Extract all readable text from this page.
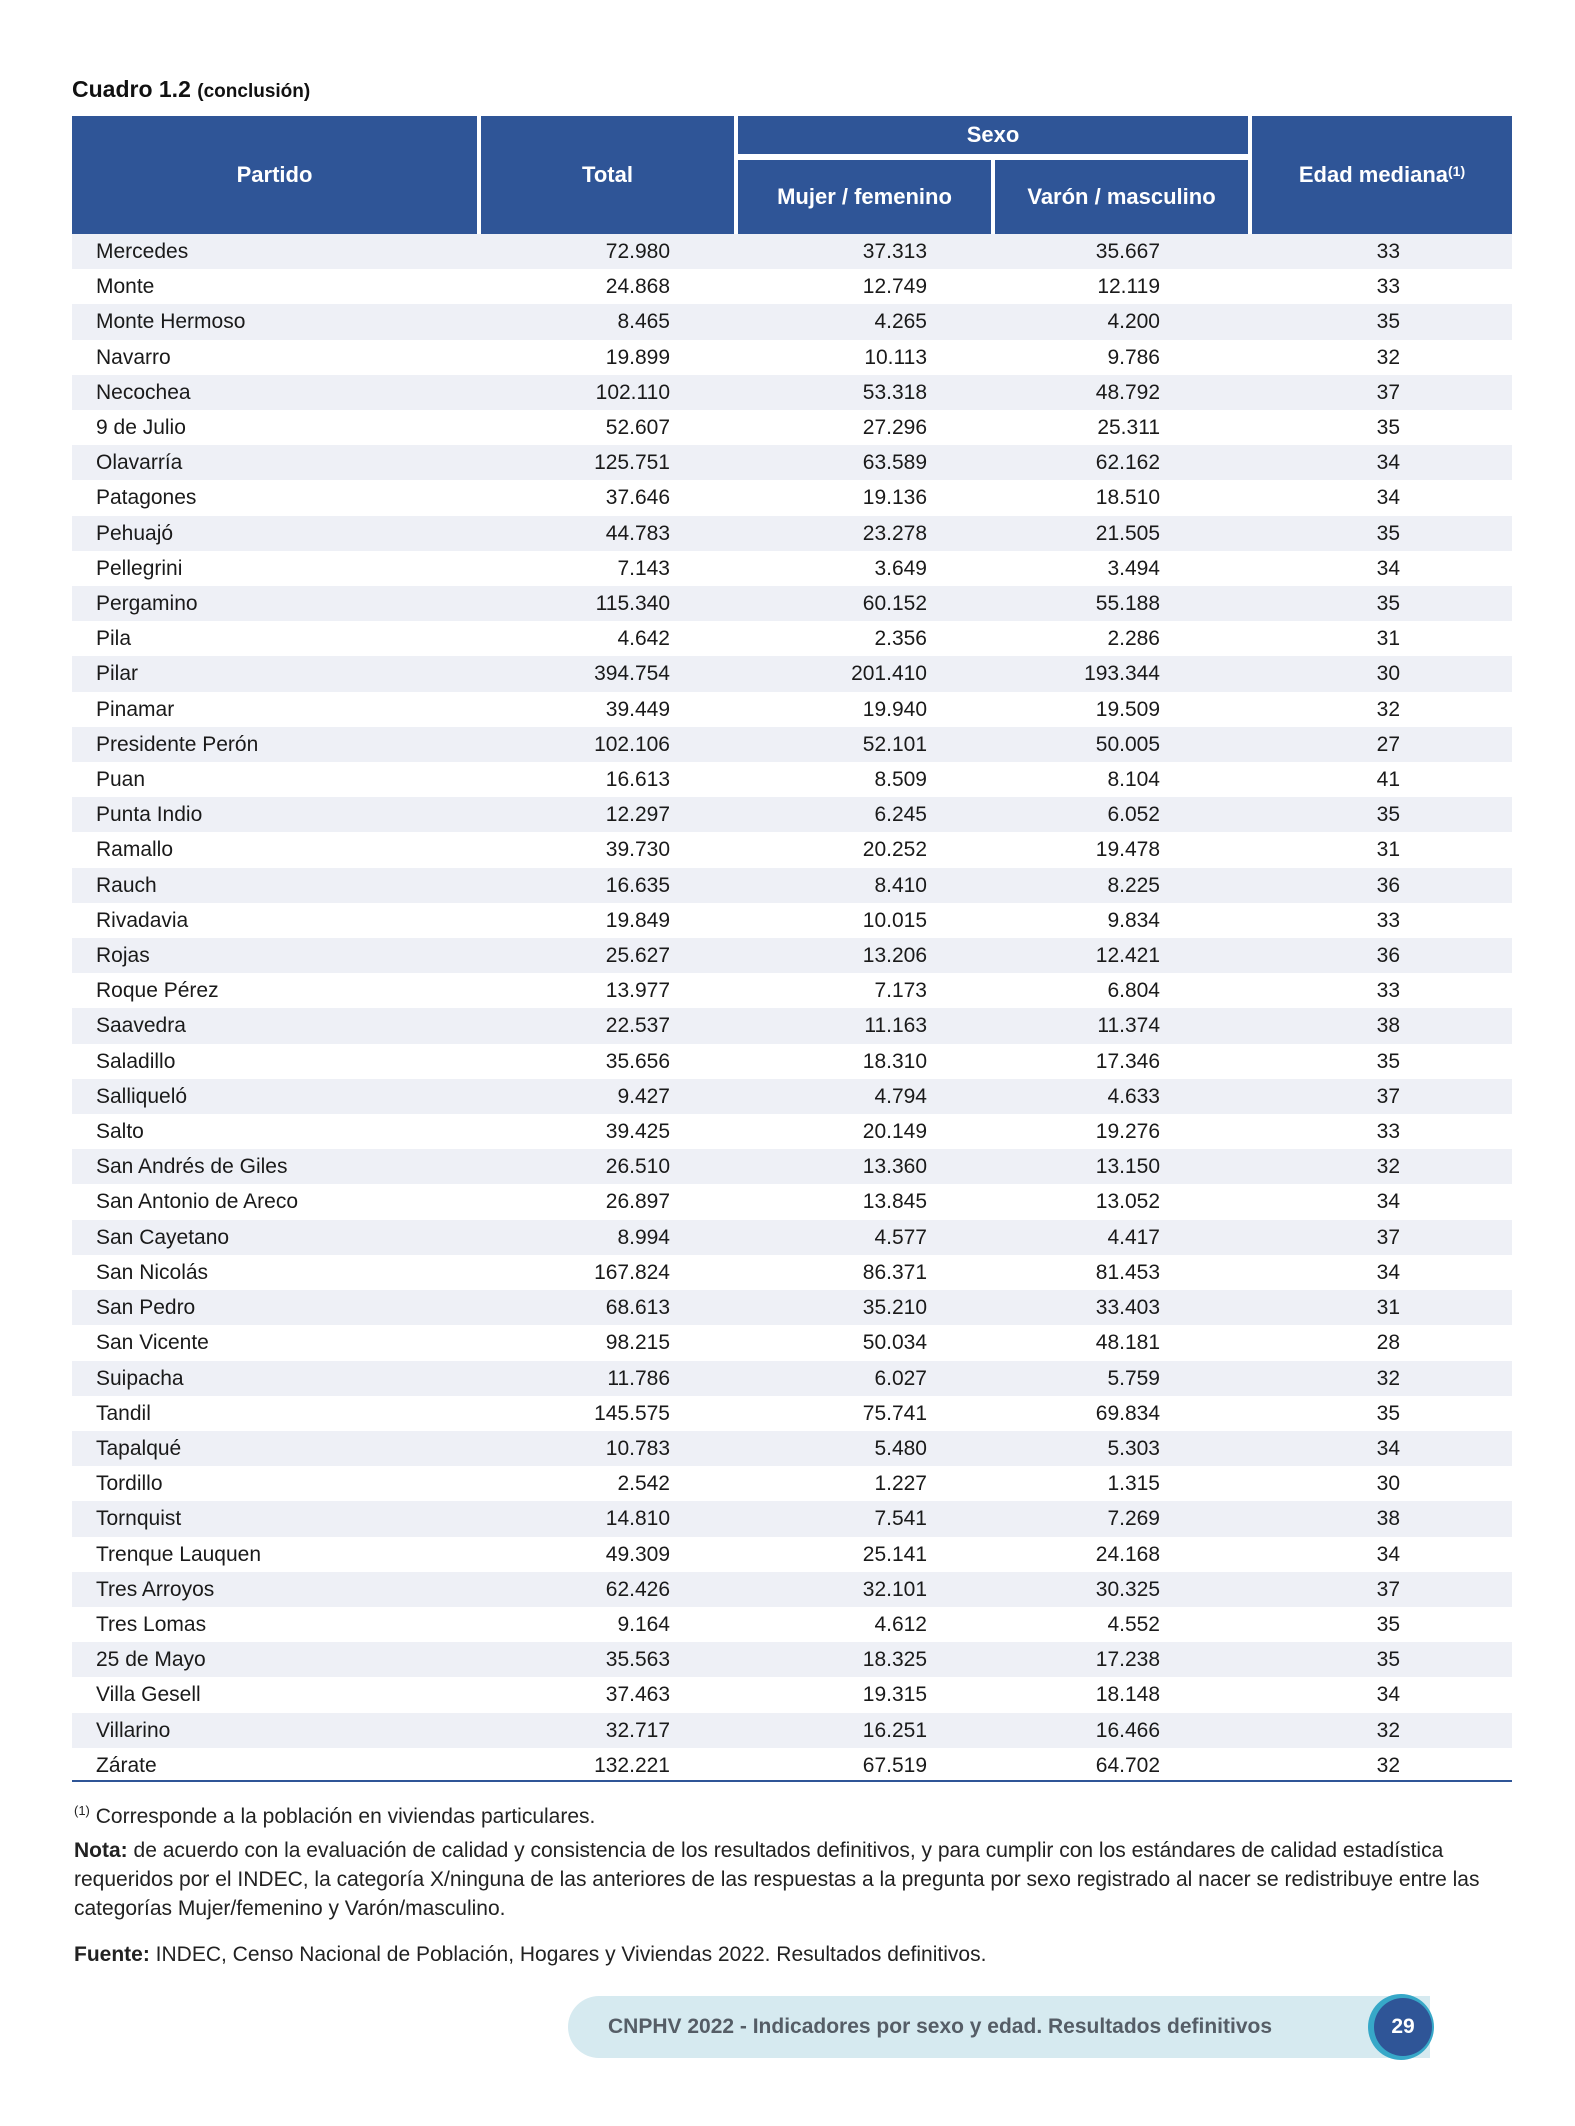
Cuadro 1.2 (conclusión)
Partido	Total
Sexo
Mujer / femenino	Varón / masculino
Edad mediana$^{(1)}$
Mercedes	72.980	37.313	35.667	33
Monte	24.868	12.749	12.119	33
Monte Hermoso	8.465	4.265	4.200	35
Navarro	19.899	10.113	9.786	32
Necochea	102.110	53.318	48.792	37
9 de Julio	52.607	27.296	25.311	35
Olavarría	125.751	63.589	62.162	34
Patagones	37.646	19.136	18.510	34
Pehuajó	44.783	23.278	21.505	35
Pellegrini	7.143	3.649	3.494	34
Pergamino	115.340	60.152	55.188	35
Pila	4.642	2.356	2.286	31
Pilar	394.754	201.410	193.344	30
Pinamar	39.449	19.940	19.509	32
Presidente Perón	102.106	52.101	50.005	27
Puan	16.613	8.509	8.104	41
Punta Indio	12.297	6.245	6.052	35
Ramallo	39.730	20.252	19.478	31
Rauch	16.635	8.410	8.225	36
Rivadavia	19.849	10.015	9.834	33
Rojas	25.627	13.206	12.421	36
Roque Pérez	13.977	7.173	6.804	33
Saavedra	22.537	11.163	11.374	38
Saladillo	35.656	18.310	17.346	35
Salliqueló	9.427	4.794	4.633	37
Salto	39.425	20.149	19.276	33
San Andrés de Giles	26.510	13.360	13.150	32
San Antonio de Areco	26.897	13.845	13.052	34
San Cayetano	8.994	4.577	4.417	37
San Nicolás	167.824	86.371	81.453	34
San Pedro	68.613	35.210	33.403	31
San Vicente	98.215	50.034	48.181	28
Suipacha	11.786	6.027	5.759	32
Tandil	145.575	75.741	69.834	35
Tapalqué	10.783	5.480	5.303	34
Tordillo	2.542	1.227	1.315	30
Tornquist	14.810	7.541	7.269	38
Trenque Lauquen	49.309	25.141	24.168	34
Tres Arroyos	62.426	32.101	30.325	37
Tres Lomas	9.164	4.612	4.552	35
25 de Mayo	35.563	18.325	17.238	35
Villa Gesell	37.463	19.315	18.148	34
Villarino	32.717	16.251	16.466	32
Zárate	132.221	67.519	64.702	32
$^{(1)}$ Corresponde a la población en viviendas particulares.
Nota: de acuerdo con la evaluación de calidad y consistencia de los resultados definitivos, y para cumplir con los estándares de calidad estadística requeridos por el INDEC, la categoría X/ninguna de las anteriores de las respuestas a la pregunta por sexo registrado al nacer se redistribuye entre las categorías Mujer/femenino y Varón/masculino.
Fuente: INDEC, Censo Nacional de Población, Hogares y Viviendas 2022. Resultados definitivos.
CNPHV 2022 - Indicadores por sexo y edad. Resultados definitivos	29
